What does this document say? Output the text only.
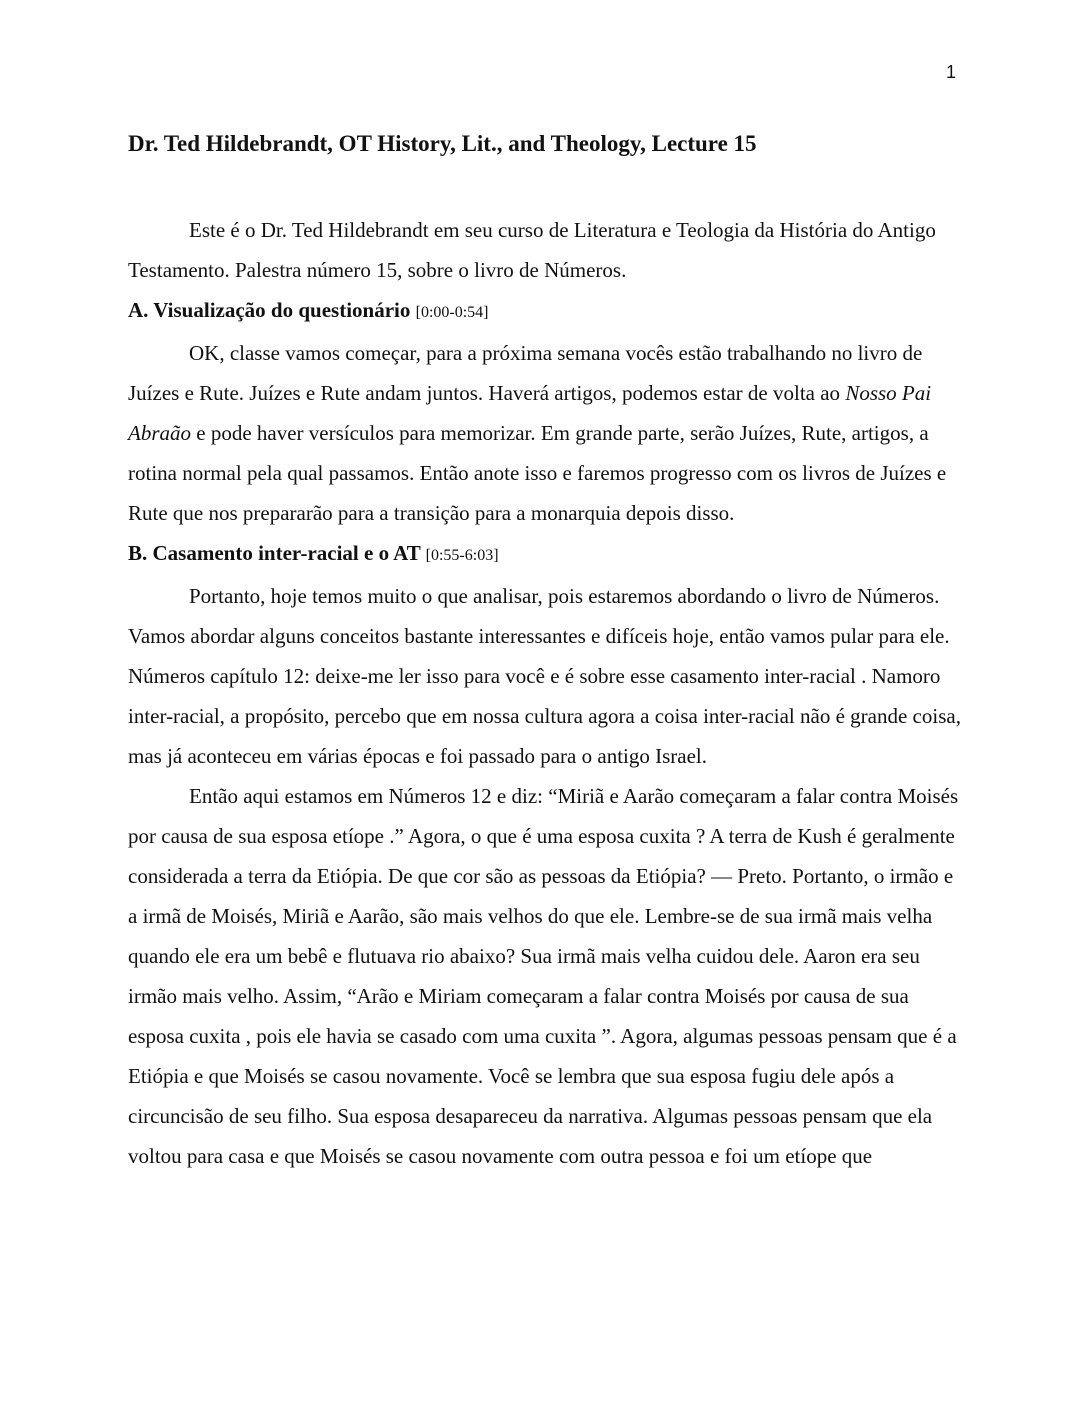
1
Dr. Ted Hildebrandt, OT History, Lit., and Theology, Lecture 15

Este é o Dr. Ted Hildebrandt em seu curso de Literatura e Teologia da História do Antigo Testamento. Palestra número 15, sobre o livro de Números.

A. Visualização do questionário [0:00-0:54]

OK, classe vamos começar, para a próxima semana vocês estão trabalhando no livro de Juízes e Rute. Juízes e Rute andam juntos. Haverá artigos, podemos estar de volta ao Nosso Pai Abraão e pode haver versículos para memorizar. Em grande parte, serão Juízes, Rute, artigos, a rotina normal pela qual passamos. Então anote isso e faremos progresso com os livros de Juízes e Rute que nos prepararão para a transição para a monarquia depois disso.

B. Casamento inter-racial e o AT [0:55-6:03]

Portanto, hoje temos muito o que analisar, pois estaremos abordando o livro de Números. Vamos abordar alguns conceitos bastante interessantes e difíceis hoje, então vamos pular para ele. Números capítulo 12: deixe-me ler isso para você e é sobre esse casamento inter-racial . Namoro inter-racial, a propósito, percebo que em nossa cultura agora a coisa inter-racial não é grande coisa, mas já aconteceu em várias épocas e foi passado para o antigo Israel.

Então aqui estamos em Números 12 e diz: “Miriã e Aarão começaram a falar contra Moisés por causa de sua esposa etíope .” Agora, o que é uma esposa cuxita ? A terra de Kush é geralmente considerada a terra da Etiópia. De que cor são as pessoas da Etiópia? — Preto. Portanto, o irmão e a irmã de Moisés, Miriã e Aarão, são mais velhos do que ele. Lembre-se de sua irmã mais velha quando ele era um bebê e flutuava rio abaixo? Sua irmã mais velha cuidou dele. Aaron era seu irmão mais velho. Assim, “Arão e Miriam começaram a falar contra Moisés por causa de sua esposa cuxita , pois ele havia se casado com uma cuxita ”. Agora, algumas pessoas pensam que é a Etiópia e que Moisés se casou novamente. Você se lembra que sua esposa fugiu dele após a circuncisão de seu filho. Sua esposa desapareceu da narrativa. Algumas pessoas pensam que ela voltou para casa e que Moisés se casou novamente com outra pessoa e foi um etíope que
